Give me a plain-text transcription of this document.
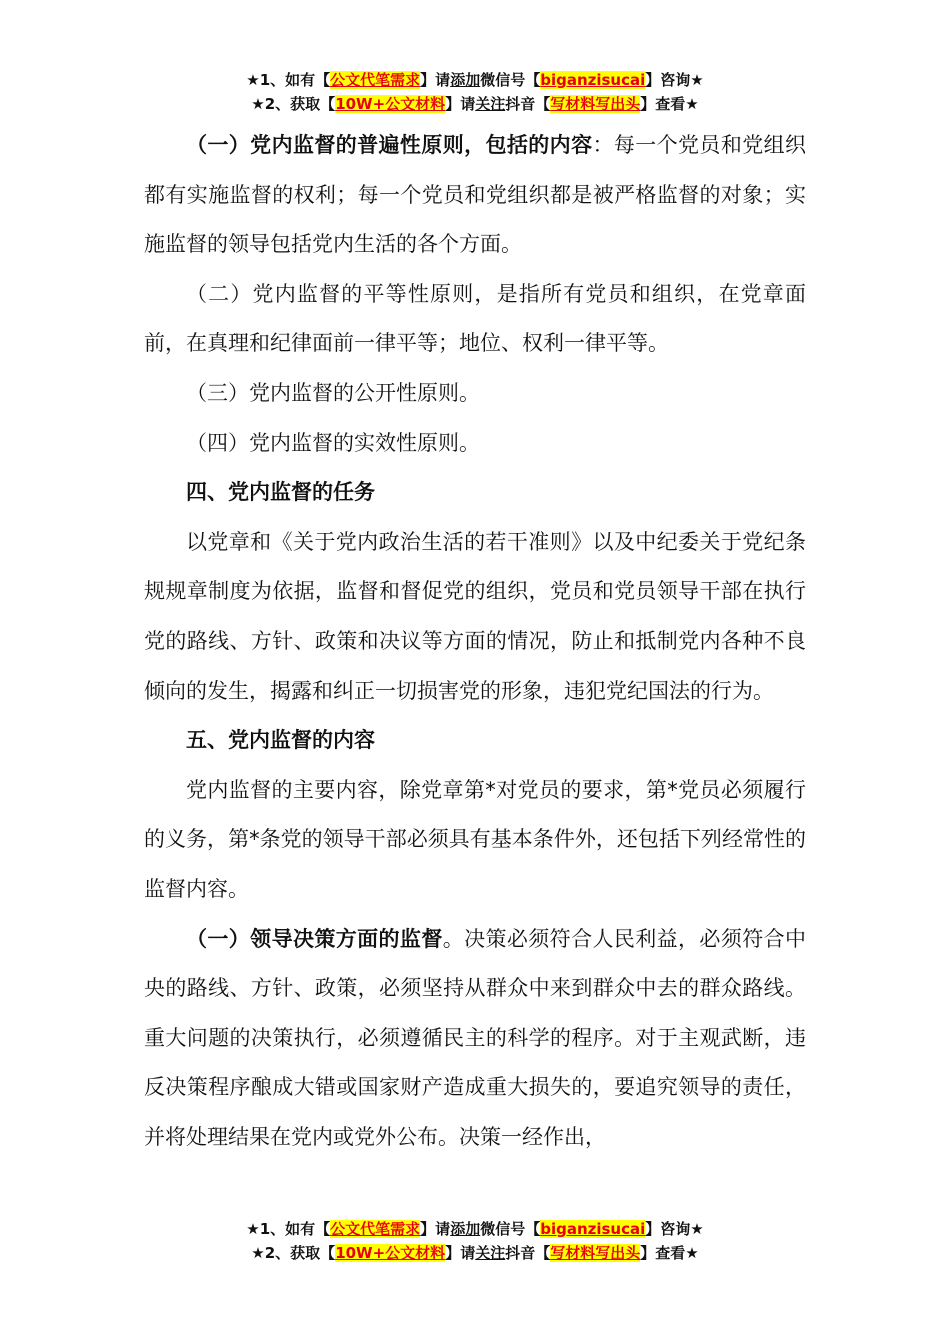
★1、如有【公文代笔需求】请添加微信号【biganzisucai】咨询★
★2、获取【10W+公文材料】请关注抖音【写材料写出头】查看★

（一）党内监督的普遍性原则，包括的内容：每一个党员和党组织都有实施监督的权利；每一个党员和党组织都是被严格监督的对象；实施监督的领导包括党内生活的各个方面。

（二）党内监督的平等性原则，是指所有党员和组织，在党章面前，在真理和纪律面前一律平等；地位、权利一律平等。

（三）党内监督的公开性原则。

（四）党内监督的实效性原则。

四、党内监督的任务

以党章和《关于党内政治生活的若干准则》以及中纪委关于党纪条规规章制度为依据，监督和督促党的组织，党员和党员领导干部在执行党的路线、方针、政策和决议等方面的情况，防止和抵制党内各种不良倾向的发生，揭露和纠正一切损害党的形象，违犯党纪国法的行为。

五、党内监督的内容

党内监督的主要内容，除党章第*对党员的要求，第*党员必须履行的义务，第*条党的领导干部必须具有基本条件外，还包括下列经常性的监督内容。

（一）领导决策方面的监督。决策必须符合人民利益，必须符合中央的路线、方针、政策，必须坚持从群众中来到群众中去的群众路线。重大问题的决策执行，必须遵循民主的科学的程序。对于主观武断，违反决策程序酿成大错或国家财产造成重大损失的，要追究领导的责任，并将处理结果在党内或党外公布。决策一经作出，

★1、如有【公文代笔需求】请添加微信号【biganzisucai】咨询★
★2、获取【10W+公文材料】请关注抖音【写材料写出头】查看★
